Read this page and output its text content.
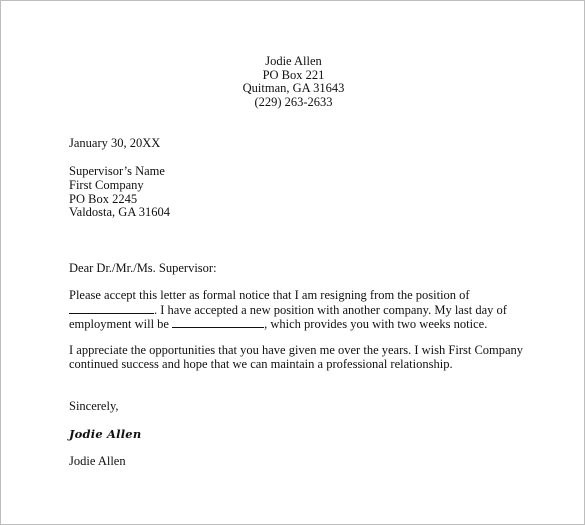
Jodie Allen
PO Box 221
Quitman, GA 31643
(229) 263-2633
January 30, 20XX
Supervisor’s Name
First Company
PO Box 2245
Valdosta, GA 31604
Dear Dr./Mr./Ms. Supervisor:
Please accept this letter as formal notice that I am resigning from the position of
. I have accepted a new position with another company. My last day of
employment will be	, which provides you with two weeks notice.
I appreciate the opportunities that you have given me over the years. I wish First Company
continued success and hope that we can maintain a professional relationship.
Sincerely,
Jodie Allen
Jodie Allen
